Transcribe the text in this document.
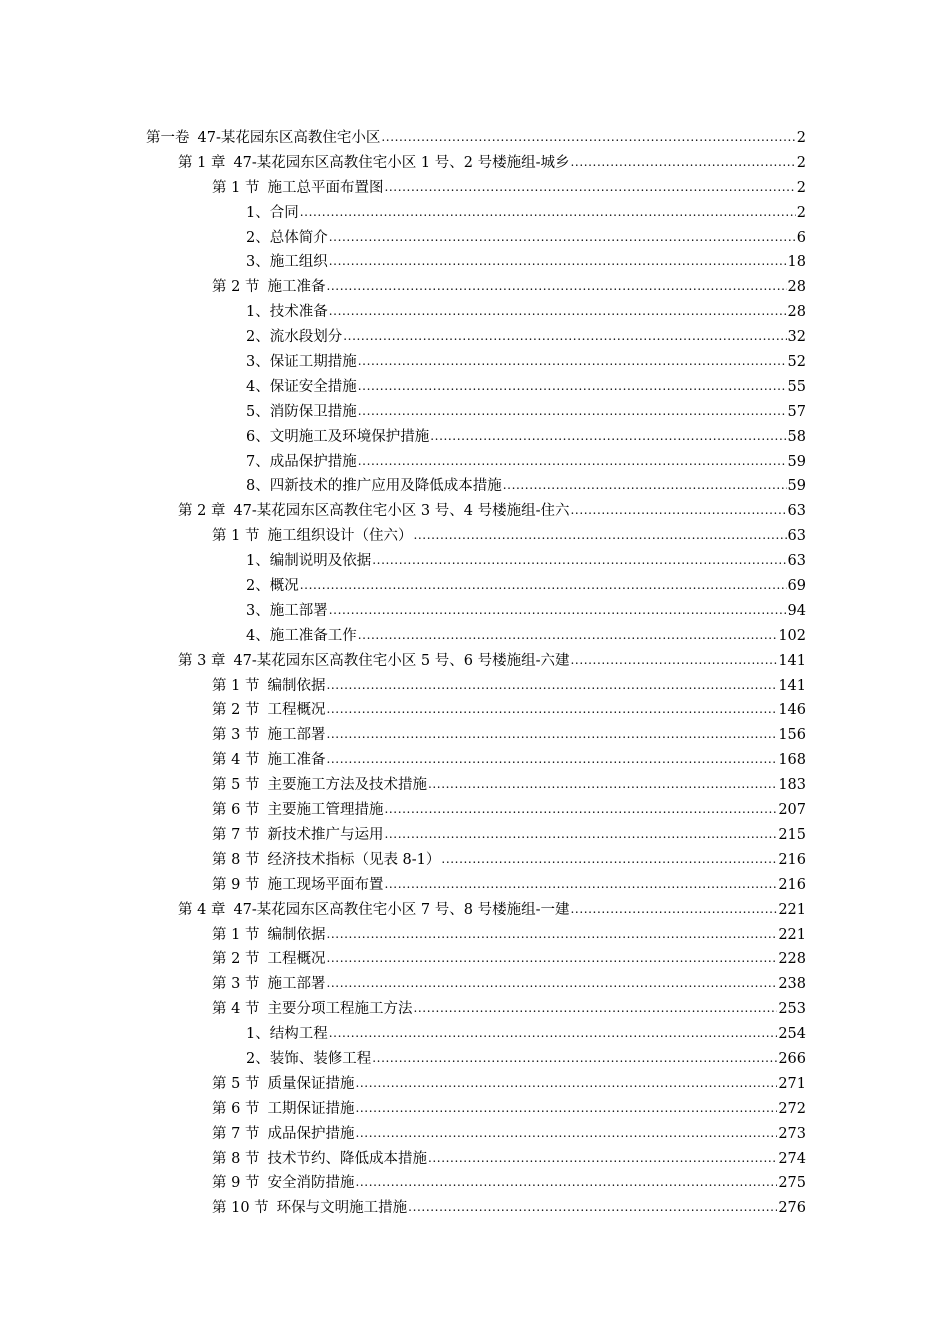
第一卷 47-某花园东区高教住宅小区 .....	2
第 1 章 47-某花园东区高教住宅小区 1 号、2 号楼施组-城乡 .....	2
第 1 节 施工总平面布置图 .....	2
1、 合同 .....	2
2、 总体简介 .....	6
3、 施工组织 .....	18
第 2 节 施工准备 .....	28
1、 技术准备 .....	28
2、 流水段划分 .....	32
3、 保证工期措施 .....	52
4、 保证安全措施 .....	55
5、 消防保卫措施 .....	57
6、 文明施工及环境保护措施 .....	58
7、 成品保护措施 .....	59
8、 四新技术的推广应用及降低成本措施 .....	59
第 2 章 47-某花园东区高教住宅小区 3 号、4 号楼施组-住六 .....	63
第 1 节 施工组织设计（住六） .....	63
1、 编制说明及依据 .....	63
2、 概况 .....	69
3、 施工部署 .....	94
4、 施工准备工作 .....	102
第 3 章 47-某花园东区高教住宅小区 5 号、6 号楼施组-六建 .....	141
第 1 节 编制依据 .....	141
第 2 节 工程概况 .....	146
第 3 节 施工部署 .....	156
第 4 节 施工准备 .....	168
第 5 节 主要施工方法及技术措施 .....	183
第 6 节 主要施工管理措施 .....	207
第 7 节 新技术推广与运用 .....	215
第 8 节 经济技术指标（见表 8-1） .....	216
第 9 节 施工现场平面布置 .....	216
第 4 章 47-某花园东区高教住宅小区 7 号、8 号楼施组-一建 .....	221
第 1 节 编制依据 .....	221
第 2 节 工程概况 .....	228
第 3 节 施工部署 .....	238
第 4 节 主要分项工程施工方法 .....	253
1、 结构工程 .....	254
2、 装饰、装修工程 .....	266
第 5 节 质量保证措施 .....	271
第 6 节 工期保证措施 .....	272
第 7 节 成品保护措施 .....	273
第 8 节 技术节约、降低成本措施 .....	274
第 9 节 安全消防措施 .....	275
第 10 节 环保与文明施工措施 .....	276
